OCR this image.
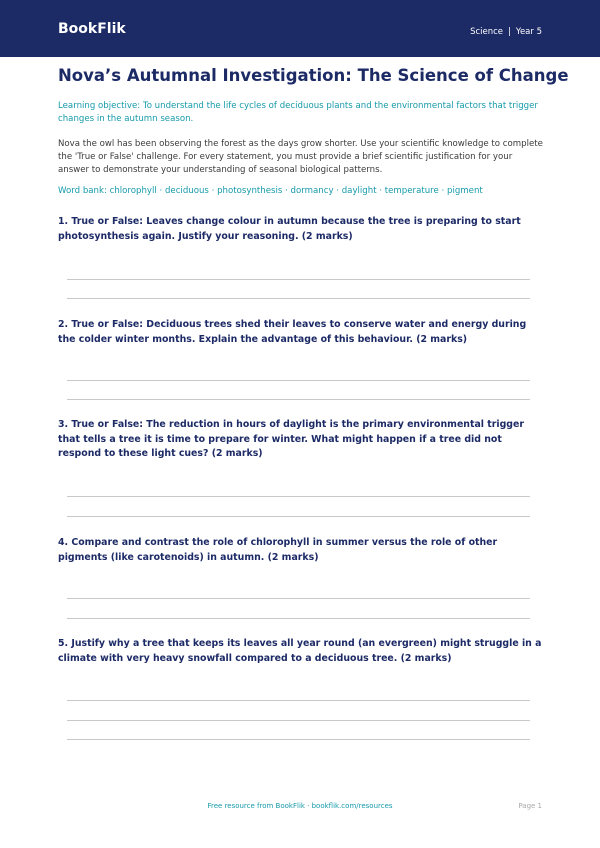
BookFlik	Science | Year 5
Nova’s Autumnal Investigation: The Science of Change
Learning objective: To understand the life cycles of deciduous plants and the environmental factors that trigger changes in the autumn season.
Nova the owl has been observing the forest as the days grow shorter. Use your scientific knowledge to complete the 'True or False' challenge. For every statement, you must provide a brief scientific justification for your answer to demonstrate your understanding of seasonal biological patterns.
Word bank: chlorophyll · deciduous · photosynthesis · dormancy · daylight · temperature · pigment
1. True or False: Leaves change colour in autumn because the tree is preparing to start photosynthesis again. Justify your reasoning. (2 marks)
2. True or False: Deciduous trees shed their leaves to conserve water and energy during the colder winter months. Explain the advantage of this behaviour. (2 marks)
3. True or False: The reduction in hours of daylight is the primary environmental trigger that tells a tree it is time to prepare for winter. What might happen if a tree did not respond to these light cues? (2 marks)
4. Compare and contrast the role of chlorophyll in summer versus the role of other pigments (like carotenoids) in autumn. (2 marks)
5. Justify why a tree that keeps its leaves all year round (an evergreen) might struggle in a climate with very heavy snowfall compared to a deciduous tree. (2 marks)
Free resource from BookFlik · bookflik.com/resources	Page 1
